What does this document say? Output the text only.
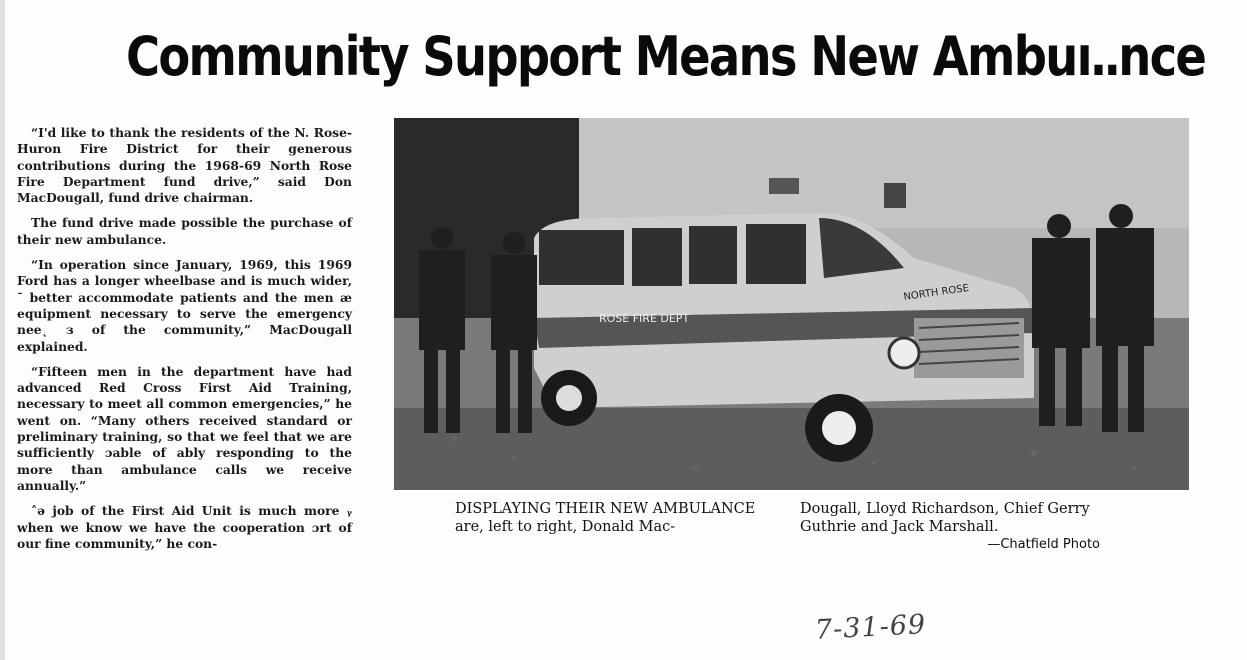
Community Support Means New Ambuı․․nce

“I'd like to thank the residents of the N. Rose-Huron Fire District for their generous contributions during the 1968-69 North Rose Fire Department fund drive,” said Don MacDougall, fund drive chairman.

The fund drive made possible the purchase of their new ambulance.

“In operation since January, 1969, this 1969 Ford has a longer wheelbase and is much wider, ˉ better accommodate patients and the men æ equipment necessary to serve the emergency nee˛ з of the community,” MacDougall explained.

“Fifteen men in the department have had advanced Red Cross First Aid Training, necessary to meet all common emergencies,” he went on. “Many others received standard or preliminary training, so that we feel that we are sufficiently ɔable of ably responding to the more than ambulance calls we receive annually.”

˄ə job of the First Aid Unit is much more ᵧ when we know we have the cooperation ɔrt of our fine community,” he con-

ROSE FIRE DEPT
NORTH ROSE
DISPLAYING THEIR NEW AMBULANCE are, left to right, Donald Mac-
Dougall, Lloyd Richardson, Chief Gerry Guthrie and Jack Marshall.
—Chatfield Photo
7-31-69
